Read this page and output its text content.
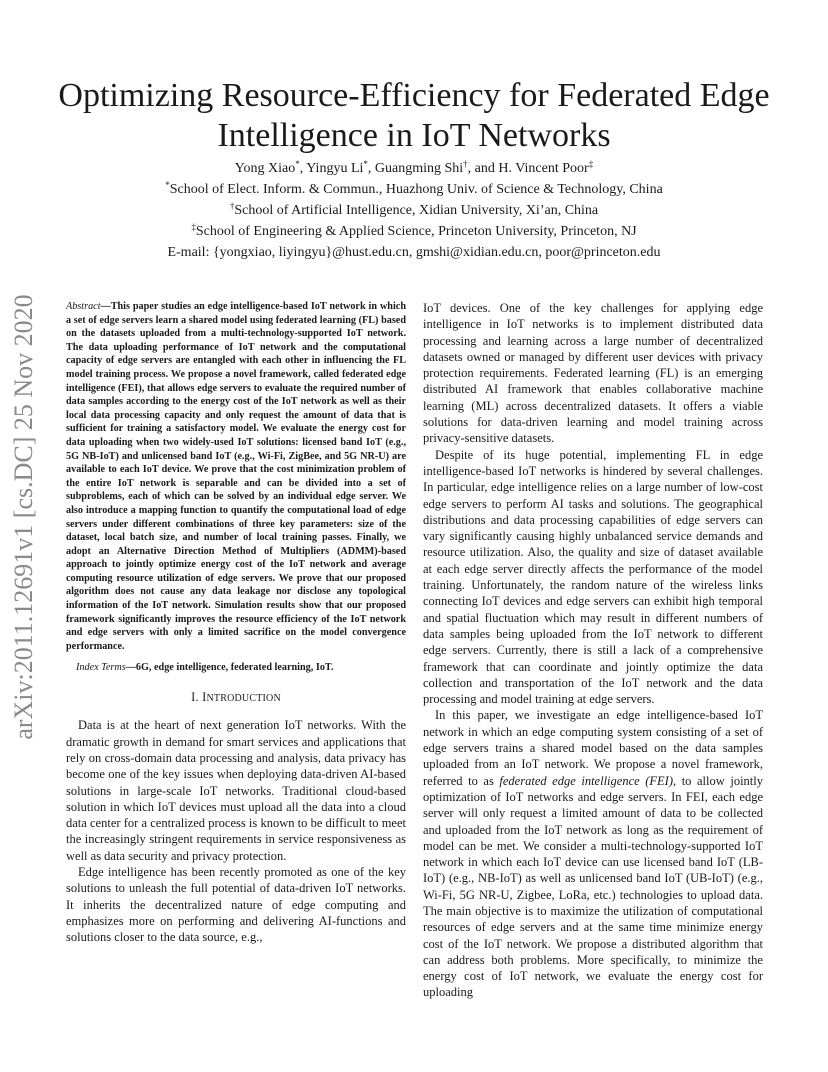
Optimizing Resource-Efficiency for Federated Edge
Intelligence in IoT Networks
Yong Xiao*, Yingyu Li*, Guangming Shi†, and H. Vincent Poor‡
*School of Elect. Inform. & Commun., Huazhong Univ. of Science & Technology, China
†School of Artificial Intelligence, Xidian University, Xi’an, China
‡School of Engineering & Applied Science, Princeton University, Princeton, NJ
E-mail: {yongxiao, liyingyu}@hust.edu.cn, gmshi@xidian.edu.cn, poor@princeton.edu
arXiv:2011.12691v1 [cs.DC] 25 Nov 2020	Abstract—This paper studies an edge intelligence-based IoT network in which a set of edge servers learn a shared model using federated learning (FL) based on the datasets uploaded from a multi-technology-supported IoT network. The data uploading performance of IoT network and the computational capacity of edge servers are entangled with each other in influencing the FL model training process. We propose a novel framework, called federated edge intelligence (FEI), that allows edge servers to evaluate the required number of data samples according to the energy cost of the IoT network as well as their local data processing capacity and only request the amount of data that is sufficient for training a satisfactory model. We evaluate the energy cost for data uploading when two widely-used IoT solutions: licensed band IoT (e.g., 5G NB-IoT) and unlicensed band IoT (e.g., Wi-Fi, ZigBee, and 5G NR-U) are available to each IoT device. We prove that the cost minimization problem of the entire IoT network is separable and can be divided into a set of subproblems, each of which can be solved by an individual edge server. We also introduce a mapping function to quantify the computational load of edge servers under different combinations of three key parameters: size of the dataset, local batch size, and number of local training passes. Finally, we adopt an Alternative Direction Method of Multipliers (ADMM)-based approach to jointly optimize energy cost of the IoT network and average computing resource utilization of edge servers. We prove that our proposed algorithm does not cause any data leakage nor disclose any topological information of the IoT network. Simulation results show that our proposed framework significantly improves the resource efficiency of the IoT network and edge servers with only a limited sacrifice on the model convergence performance.

Index Terms—6G, edge intelligence, federated learning, IoT.

I. INTRODUCTION

Data is at the heart of next generation IoT networks. With the dramatic growth in demand for smart services and applications that rely on cross-domain data processing and analysis, data privacy has become one of the key issues when deploying data-driven AI-based solutions in large-scale IoT networks. Traditional cloud-based solution in which IoT devices must upload all the data into a cloud data center for a centralized process is known to be difficult to meet the increasingly stringent requirements in service responsiveness as well as data security and privacy protection.

Edge intelligence has been recently promoted as one of the key solutions to unleash the full potential of data-driven IoT networks. It inherits the decentralized nature of edge computing and emphasizes more on performing and delivering AI-functions and solutions closer to the data source, e.g.,

IoT devices. One of the key challenges for applying edge intelligence in IoT networks is to implement distributed data processing and learning across a large number of decentralized datasets owned or managed by different user devices with privacy protection requirements. Federated learning (FL) is an emerging distributed AI framework that enables collaborative machine learning (ML) across decentralized datasets. It offers a viable solutions for data-driven learning and model training across privacy-sensitive datasets.

Despite of its huge potential, implementing FL in edge intelligence-based IoT networks is hindered by several challenges. In particular, edge intelligence relies on a large number of low-cost edge servers to perform AI tasks and solutions. The geographical distributions and data processing capabilities of edge servers can vary significantly causing highly unbalanced service demands and resource utilization. Also, the quality and size of dataset available at each edge server directly affects the performance of the model training. Unfortunately, the random nature of the wireless links connecting IoT devices and edge servers can exhibit high temporal and spatial fluctuation which may result in different numbers of data samples being uploaded from the IoT network to different edge servers. Currently, there is still a lack of a comprehensive framework that can coordinate and jointly optimize the data collection and transportation of the IoT network and the data processing and model training at edge servers.

In this paper, we investigate an edge intelligence-based IoT network in which an edge computing system consisting of a set of edge servers trains a shared model based on the data samples uploaded from an IoT network. We propose a novel framework, referred to as federated edge intelligence (FEI), to allow jointly optimization of IoT networks and edge servers. In FEI, each edge server will only request a limited amount of data to be collected and uploaded from the IoT network as long as the requirement of model can be met. We consider a multi-technology-supported IoT network in which each IoT device can use licensed band IoT (LB-IoT) (e.g., NB-IoT) as well as unlicensed band IoT (UB-IoT) (e.g., Wi-Fi, 5G NR-U, Zigbee, LoRa, etc.) technologies to upload data. The main objective is to maximize the utilization of computational resources of edge servers and at the same time minimize energy cost of the IoT network. We propose a distributed algorithm that can address both problems. More specifically, to minimize the energy cost of IoT network, we evaluate the energy cost for uploading
